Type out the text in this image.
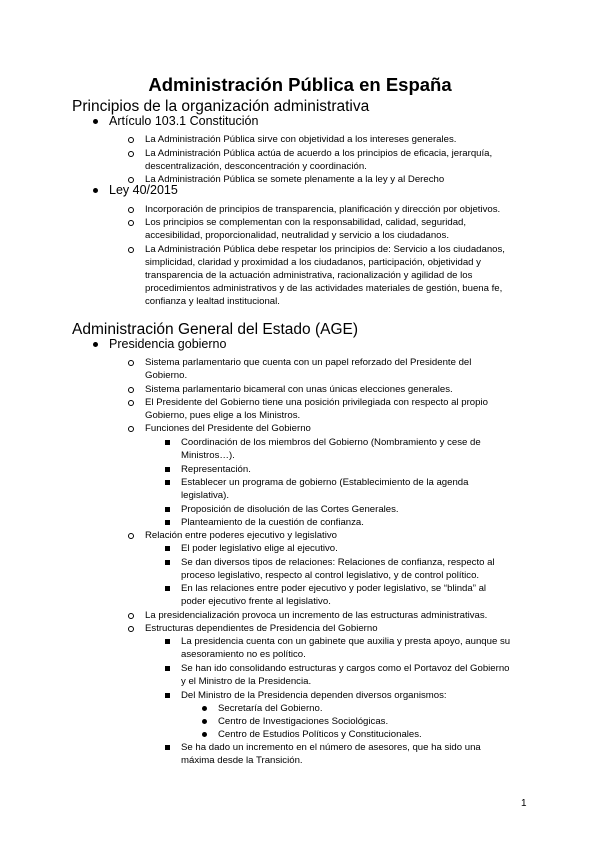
Administración Pública en España
Principios de la organización administrativa
Artículo 103.1 Constitución
La Administración Pública sirve con objetividad a los intereses generales.
La Administración Pública actúa de acuerdo a los principios de eficacia, jerarquía,
descentralización, desconcentración y coordinación.
La Administración Pública se somete plenamente a la ley y al Derecho
Ley 40/2015
Incorporación de principios de transparencia, planificación y dirección por objetivos.
Los principios se complementan con la responsabilidad, calidad, seguridad,
accesibilidad, proporcionalidad, neutralidad y servicio a los ciudadanos.
La Administración Pública debe respetar los principios de: Servicio a los ciudadanos,
simplicidad, claridad y proximidad a los ciudadanos, participación, objetividad y
transparencia de la actuación administrativa, racionalización y agilidad de los
procedimientos administrativos y de las actividades materiales de gestión, buena fe,
confianza y lealtad institucional.
Administración General del Estado (AGE)
Presidencia gobierno
Sistema parlamentario que cuenta con un papel reforzado del Presidente del
Gobierno.
Sistema parlamentario bicameral con unas únicas elecciones generales.
El Presidente del Gobierno tiene una posición privilegiada con respecto al propio
Gobierno, pues elige a los Ministros.
Funciones del Presidente del Gobierno
Relación entre poderes ejecutivo y legislativo
La presidencialización provoca un incremento de las estructuras administrativas.
Estructuras dependientes de Presidencia del Gobierno
Coordinación de los miembros del Gobierno (Nombramiento y cese de
Ministros…).
Representación.
Establecer un programa de gobierno (Establecimiento de la agenda
legislativa).
Proposición de disolución de las Cortes Generales.
Planteamiento de la cuestión de confianza.
El poder legislativo elige al ejecutivo.
Se dan diversos tipos de relaciones: Relaciones de confianza, respecto al
proceso legislativo, respecto al control legislativo, y de control político.
En las relaciones entre poder ejecutivo y poder legislativo, se “blinda” al
poder ejecutivo frente al legislativo.
La presidencia cuenta con un gabinete que auxilia y presta apoyo, aunque su
asesoramiento no es político.
Se han ido consolidando estructuras y cargos como el Portavoz del Gobierno
y el Ministro de la Presidencia.
Del Ministro de la Presidencia dependen diversos organismos:
Se ha dado un incremento en el número de asesores, que ha sido una
máxima desde la Transición.
Secretaría del Gobierno.
Centro de Investigaciones Sociológicas.
Centro de Estudios Políticos y Constitucionales.
1
